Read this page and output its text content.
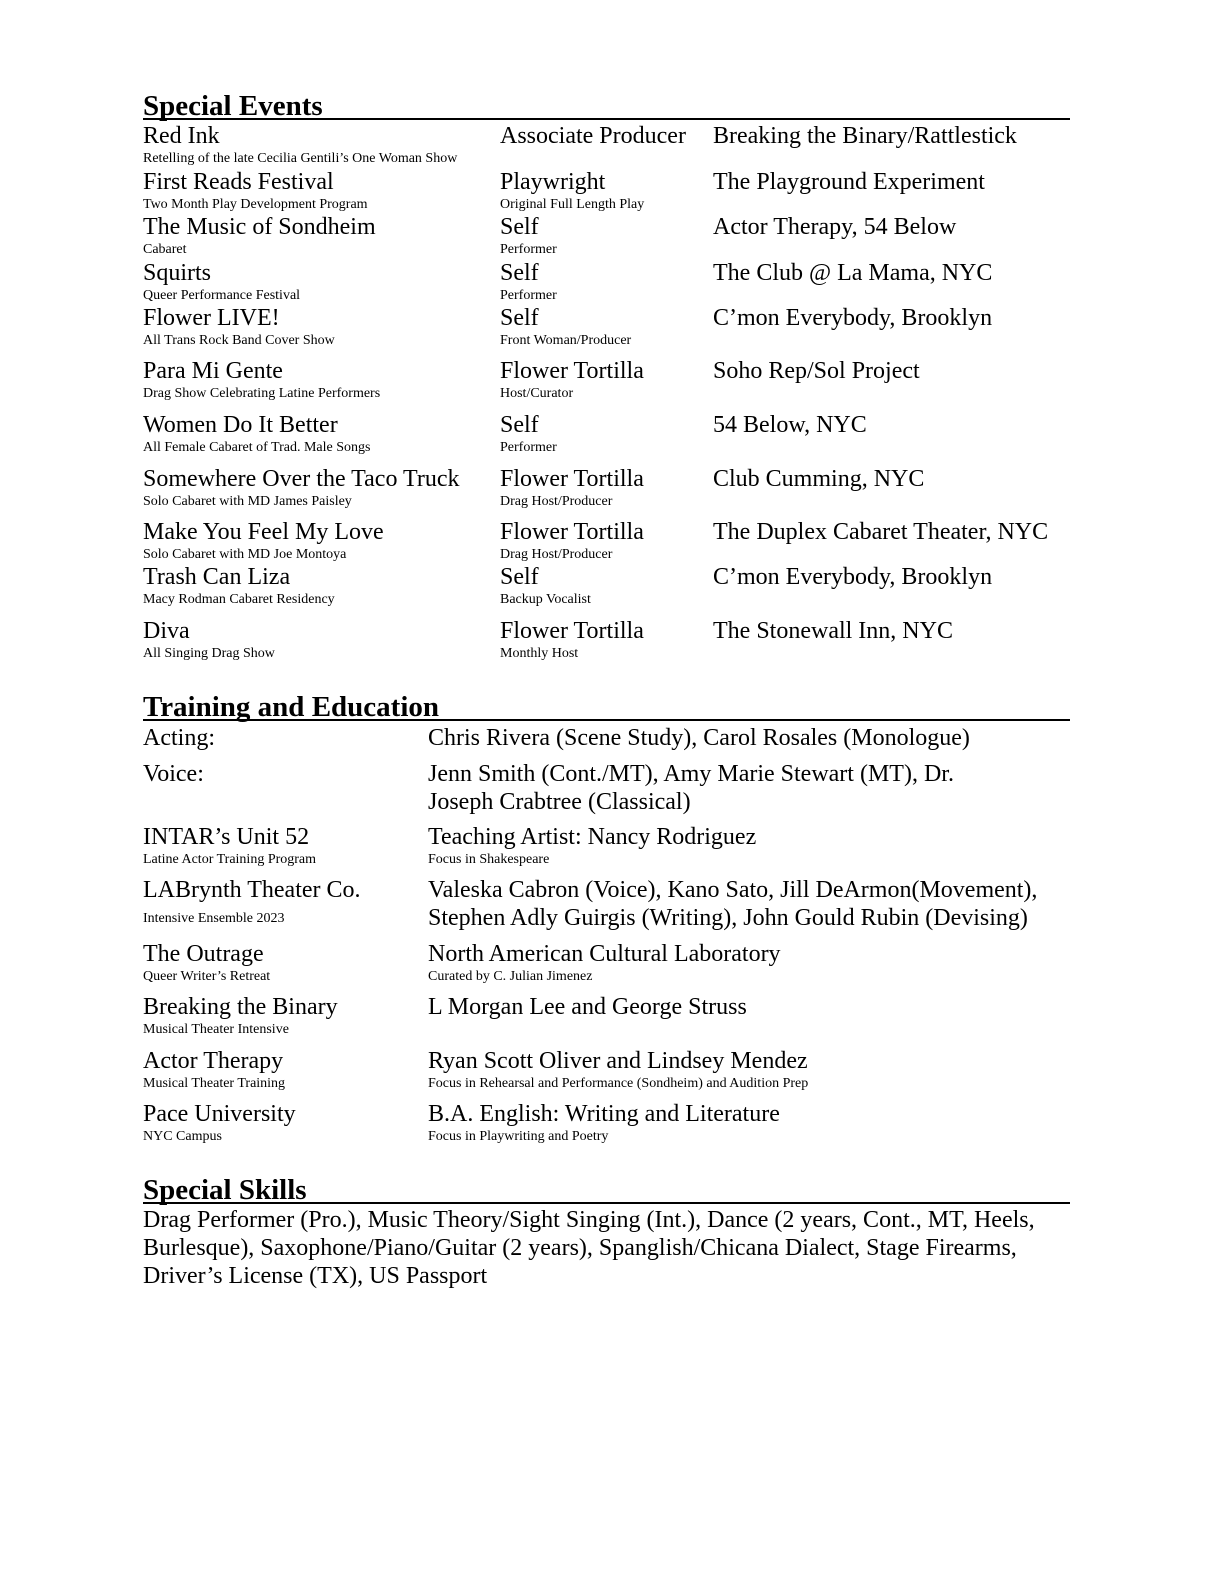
Special Events
Red Ink
Retelling of the late Cecilia Gentili’s One Woman Show
Associate Producer Breaking the Binary/Rattlestick
First Reads Festival
Two Month Play Development Program
Playwright
Original Full Length Play
The Playground Experiment
The Music of Sondheim
Cabaret
Self
Performer
Actor Therapy, 54 Below
Squirts
Queer Performance Festival
Self
Performer
The Club @ La Mama, NYC
Flower LIVE!
All Trans Rock Band Cover Show
Self
Front Woman/Producer
C’mon Everybody, Brooklyn
Para Mi Gente
Drag Show Celebrating Latine Performers
Flower Tortilla
Host/Curator
Soho Rep/Sol Project
Women Do It Better
All Female Cabaret of Trad. Male Songs
Self
Performer
54 Below, NYC
Somewhere Over the Taco Truck
Solo Cabaret with MD James Paisley
Flower Tortilla
Drag Host/Producer
Club Cumming, NYC
Make You Feel My Love
Solo Cabaret with MD Joe Montoya
Flower Tortilla
Drag Host/Producer
The Duplex Cabaret Theater, NYC
Trash Can Liza
Macy Rodman Cabaret Residency
Self
Backup Vocalist
C’mon Everybody, Brooklyn
Diva
All Singing Drag Show
Flower Tortilla
Monthly Host
The Stonewall Inn, NYC
Training and Education
Acting:	Chris Rivera (Scene Study), Carol Rosales (Monologue)
Voice:	Jenn Smith (Cont./MT), Amy Marie Stewart (MT), Dr. Joseph Crabtree (Classical)
INTAR’s Unit 52
Latine Actor Training Program
Teaching Artist: Nancy Rodriguez
Focus in Shakespeare
LABrynth Theater Co.
Intensive Ensemble 2023
Valeska Cabron (Voice), Kano Sato, Jill DeArmon(Movement), Stephen Adly Guirgis (Writing), John Gould Rubin (Devising)
The Outrage
Queer Writer’s Retreat
North American Cultural Laboratory
Curated by C. Julian Jimenez
Breaking the Binary
Musical Theater Intensive
L Morgan Lee and George Struss
Actor Therapy
Musical Theater Training
Ryan Scott Oliver and Lindsey Mendez
Focus in Rehearsal and Performance (Sondheim) and Audition Prep
Pace University
NYC Campus
B.A. English: Writing and Literature
Focus in Playwriting and Poetry
Special Skills
Drag Performer (Pro.), Music Theory/Sight Singing (Int.), Dance (2 years, Cont., MT, Heels, Burlesque), Saxophone/Piano/Guitar (2 years), Spanglish/Chicana Dialect, Stage Firearms, Driver’s License (TX), US Passport
